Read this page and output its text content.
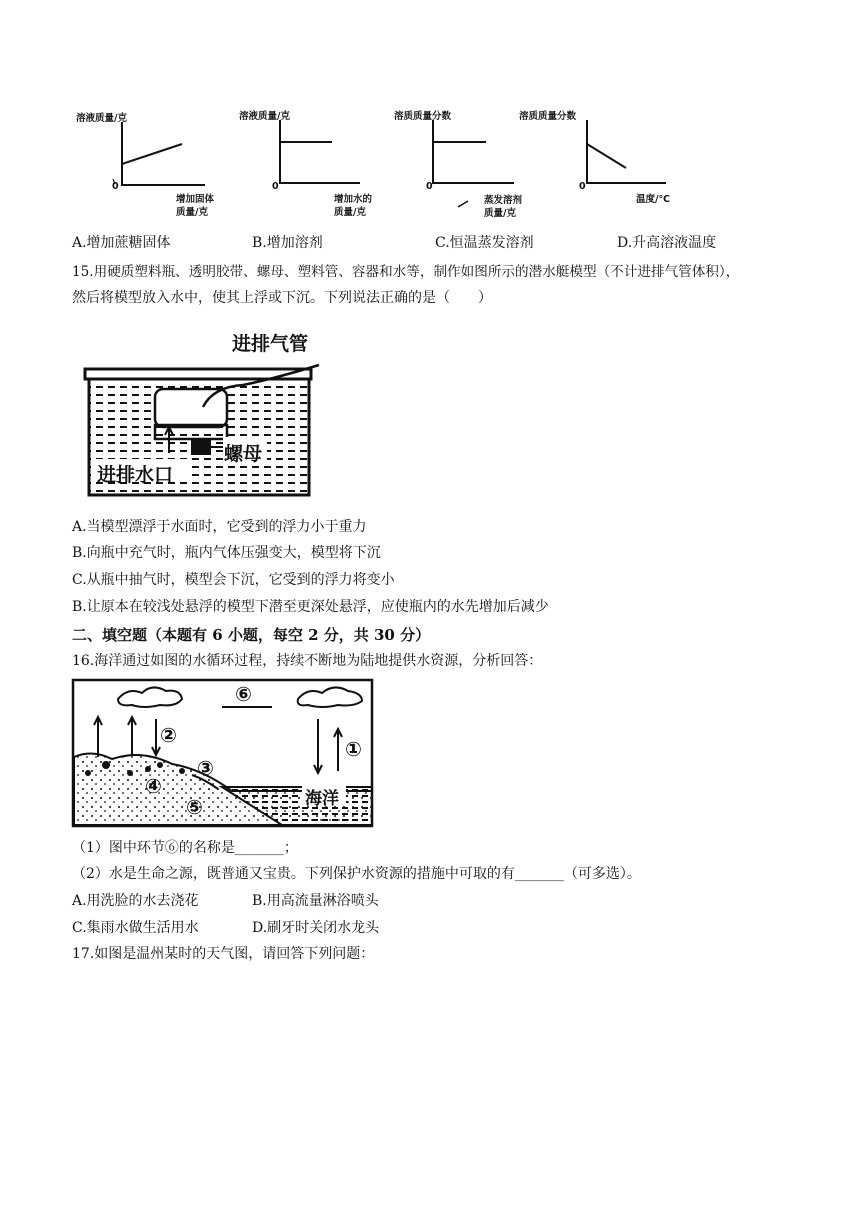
溶液质量/克
0
增加固体
质量/克
溶液质量/克
0
增加水的
质量/克
溶质质量分数
0
蒸发溶剂
质量/克
溶质质量分数
0
温度/℃
A.增加蔗糖固体	B.增加溶剂	C.恒温蒸发溶剂	D.升高溶液温度
15.用硬质塑料瓶、透明胶带、螺母、塑料管、容器和水等，制作如图所示的潜水艇模型（不计进排气管体积），
然后将模型放入水中，使其上浮或下沉。下列说法正确的是（　　）
进排气管
螺母
进排水口
A.当模型漂浮于水面时，它受到的浮力小于重力
B.向瓶中充气时，瓶内气体压强变大，模型将下沉
C.从瓶中抽气时，模型会下沉，它受到的浮力将变小
B.让原本在较浅处悬浮的模型下潜至更深处悬浮，应使瓶内的水先增加后减少
二、填空题（本题有 6 小题，每空 2 分，共 30 分）
16.海洋通过如图的水循环过程，持续不断地为陆地提供水资源，分析回答：
⑥
②
①
③
④
⑤	海洋
（1）图中环节⑥的名称是_______；
（2）水是生命之源，既普通又宝贵。下列保护水资源的措施中可取的有_______（可多选）。
A.用洗脸的水去浇花	B.用高流量淋浴喷头
C.集雨水做生活用水	D.刷牙时关闭水龙头
17.如图是温州某时的天气图，请回答下列问题：
